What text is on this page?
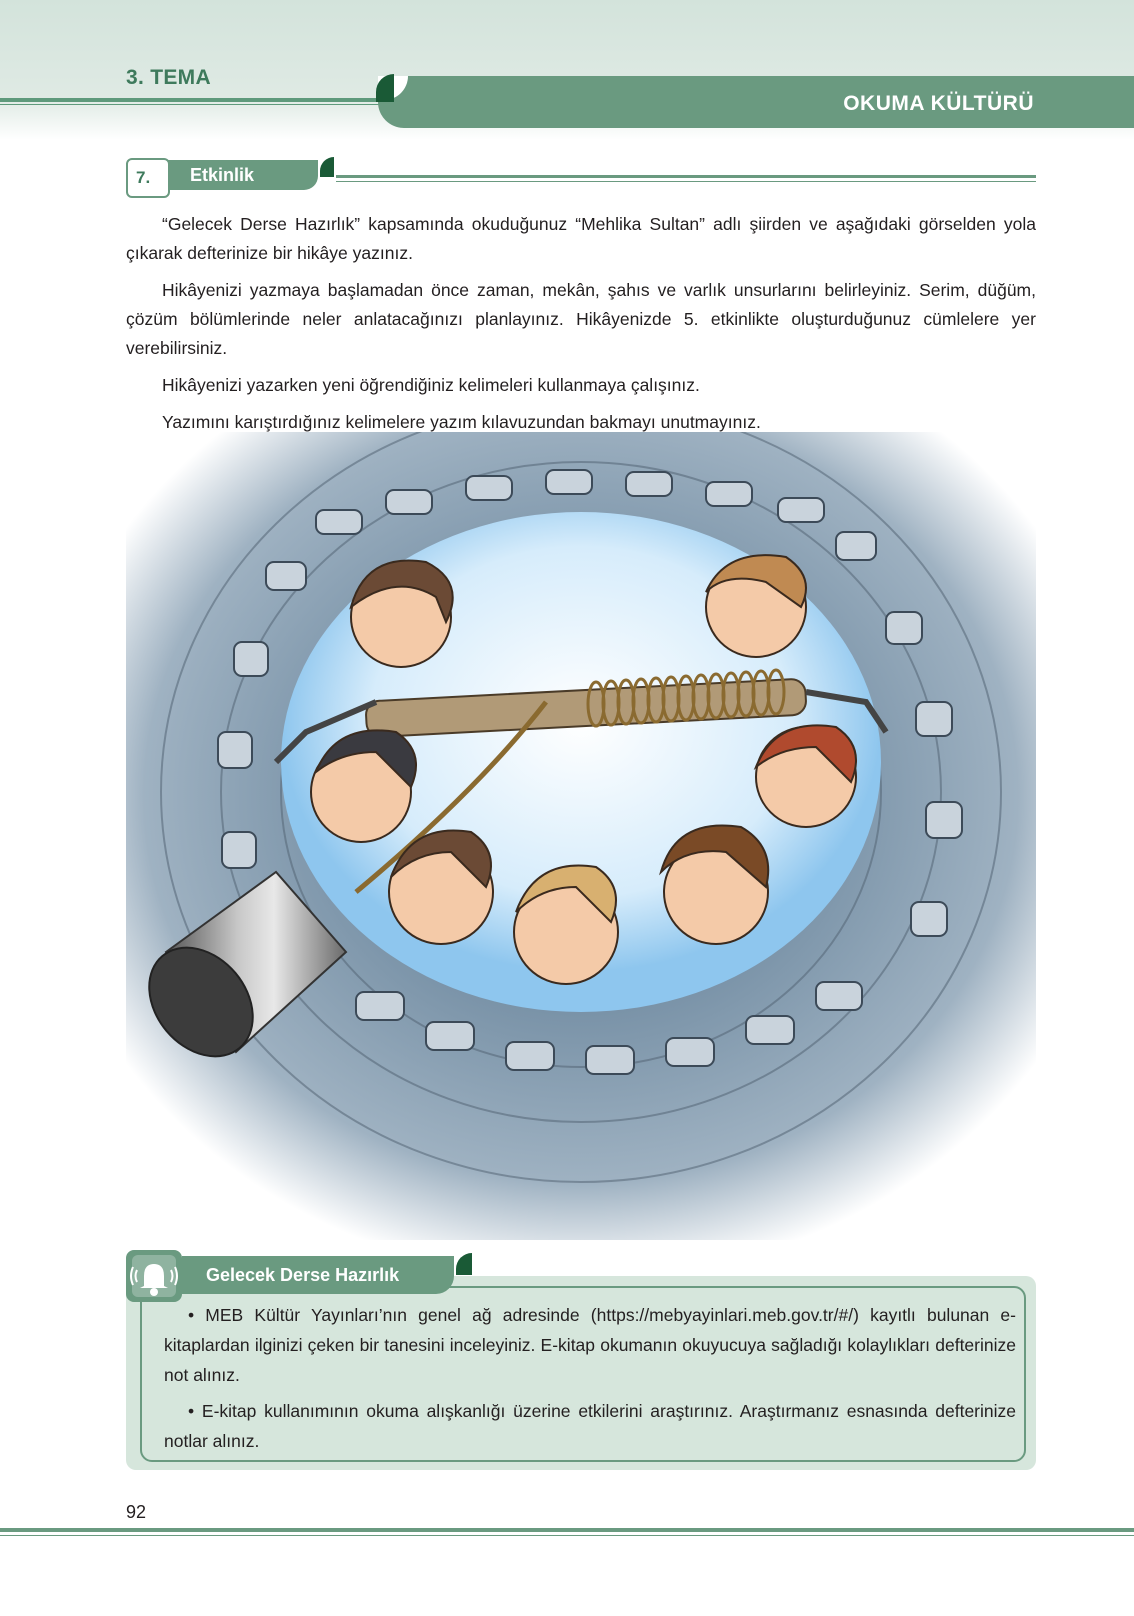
3. TEMA
OKUMA KÜLTÜRÜ
7. Etkinlik

“Gelecek Derse Hazırlık” kapsamında okuduğunuz “Mehlika Sultan” adlı şiirden ve aşağıdaki görselden yola çıkarak defterinize bir hikâye yazınız.

Hikâyenizi yazmaya başlamadan önce zaman, mekân, şahıs ve varlık unsurlarını belirleyiniz. Serim, düğüm, çözüm bölümlerinde neler anlatacağınızı planlayınız. Hikâyenizde 5. etkinlikte oluşturduğunuz cümlelere yer verebilirsiniz.

Hikâyenizi yazarken yeni öğrendiğiniz kelimeleri kullanmaya çalışınız.

Yazımını karıştırdığınız kelimelere yazım kılavuzundan bakmayı unutmayınız.

Gelecek Derse Hazırlık

• MEB Kültür Yayınları’nın genel ağ adresinde (https://mebyayinlari.meb.gov.tr/#/) kayıtlı bulunan e-kitaplardan ilginizi çeken bir tanesini inceleyiniz. E-kitap okumanın okuyucuya sağladığı kolaylıkları defterinize not alınız.

• E-kitap kullanımının okuma alışkanlığı üzerine etkilerini araştırınız. Araştırmanız esnasında defterinize notlar alınız.

92
